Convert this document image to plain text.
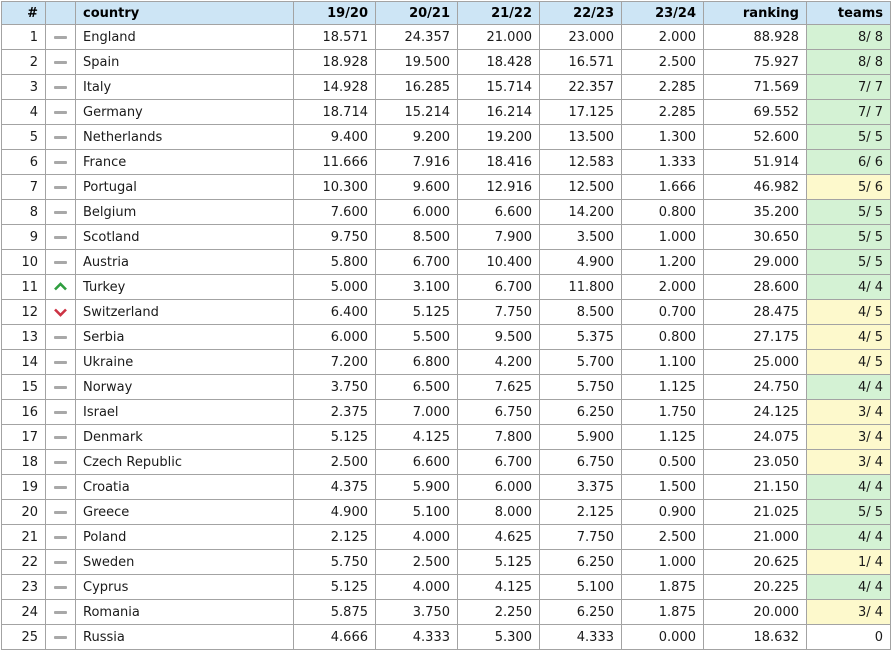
#		country	19/20	20/21	21/22	22/23	23/24	ranking	teams
1		England	18.571	24.357	21.000	23.000	2.000	88.928	8/ 8
2		Spain	18.928	19.500	18.428	16.571	2.500	75.927	8/ 8
3		Italy	14.928	16.285	15.714	22.357	2.285	71.569	7/ 7
4		Germany	18.714	15.214	16.214	17.125	2.285	69.552	7/ 7
5		Netherlands	9.400	9.200	19.200	13.500	1.300	52.600	5/ 5
6		France	11.666	7.916	18.416	12.583	1.333	51.914	6/ 6
7		Portugal	10.300	9.600	12.916	12.500	1.666	46.982	5/ 6
8		Belgium	7.600	6.000	6.600	14.200	0.800	35.200	5/ 5
9		Scotland	9.750	8.500	7.900	3.500	1.000	30.650	5/ 5
10		Austria	5.800	6.700	10.400	4.900	1.200	29.000	5/ 5
11		Turkey	5.000	3.100	6.700	11.800	2.000	28.600	4/ 4
12		Switzerland	6.400	5.125	7.750	8.500	0.700	28.475	4/ 5
13		Serbia	6.000	5.500	9.500	5.375	0.800	27.175	4/ 5
14		Ukraine	7.200	6.800	4.200	5.700	1.100	25.000	4/ 5
15		Norway	3.750	6.500	7.625	5.750	1.125	24.750	4/ 4
16		Israel	2.375	7.000	6.750	6.250	1.750	24.125	3/ 4
17		Denmark	5.125	4.125	7.800	5.900	1.125	24.075	3/ 4
18		Czech Republic	2.500	6.600	6.700	6.750	0.500	23.050	3/ 4
19		Croatia	4.375	5.900	6.000	3.375	1.500	21.150	4/ 4
20		Greece	4.900	5.100	8.000	2.125	0.900	21.025	5/ 5
21		Poland	2.125	4.000	4.625	7.750	2.500	21.000	4/ 4
22		Sweden	5.750	2.500	5.125	6.250	1.000	20.625	1/ 4
23		Cyprus	5.125	4.000	4.125	5.100	1.875	20.225	4/ 4
24		Romania	5.875	3.750	2.250	6.250	1.875	20.000	3/ 4
25		Russia	4.666	4.333	5.300	4.333	0.000	18.632	0
